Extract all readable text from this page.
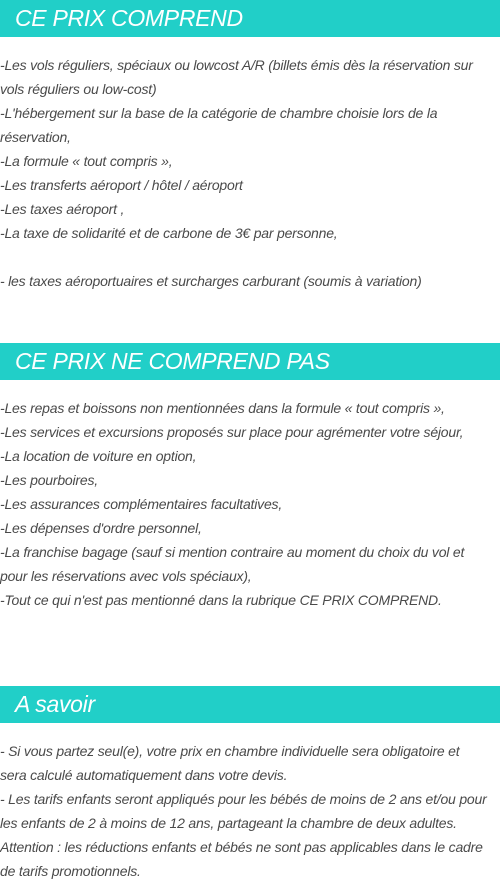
CE PRIX COMPREND
-Les vols réguliers, spéciaux ou lowcost A/R (billets émis dès la réservation sur
vols réguliers ou low-cost)
-L'hébergement sur la base de la catégorie de chambre choisie lors de la
réservation,
-La formule « tout compris »,
-Les transferts aéroport / hôtel / aéroport
-Les taxes aéroport ,
-La taxe de solidarité et de carbone de 3€ par personne,
- les taxes aéroportuaires et surcharges carburant (soumis à variation)
CE PRIX NE COMPREND PAS
-Les repas et boissons non mentionnées dans la formule « tout compris »,
-Les services et excursions proposés sur place pour agrémenter votre séjour,
-La location de voiture en option,
-Les pourboires,
-Les assurances complémentaires facultatives,
-Les dépenses d'ordre personnel,
-La franchise bagage (sauf si mention contraire au moment du choix du vol et
pour les réservations avec vols spéciaux),
-Tout ce qui n'est pas mentionné dans la rubrique CE PRIX COMPREND.
A savoir
- Si vous partez seul(e), votre prix en chambre individuelle sera obligatoire et
sera calculé automatiquement dans votre devis.
- Les tarifs enfants seront appliqués pour les bébés de moins de 2 ans et/ou pour
les enfants de 2 à moins de 12 ans, partageant la chambre de deux adultes.
Attention : les réductions enfants et bébés ne sont pas applicables dans le cadre
de tarifs promotionnels.
